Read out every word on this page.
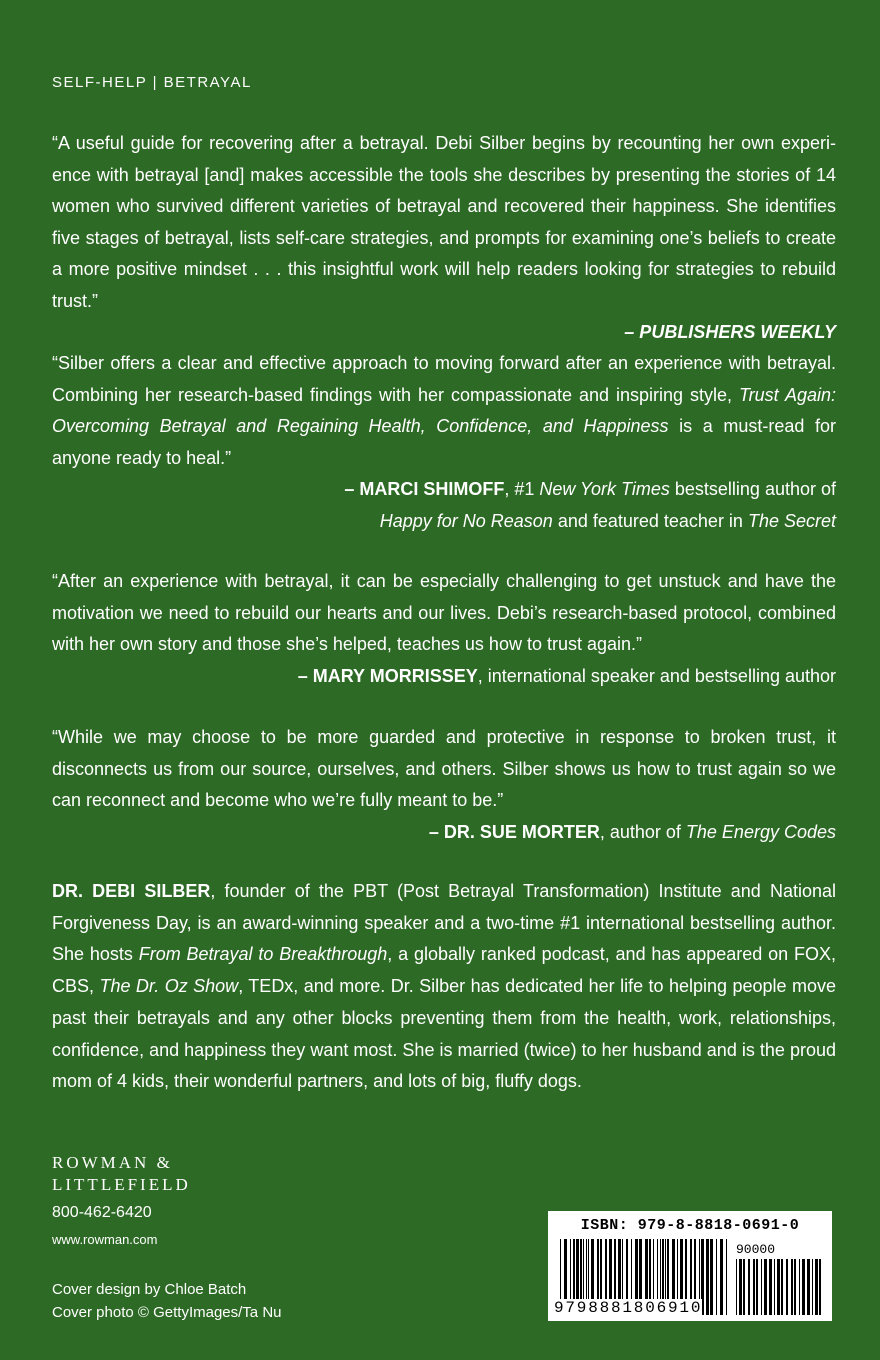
SELF-HELP | BETRAYAL

“A useful guide for recovering after a betrayal. Debi Silber begins by recounting her own experience with betrayal [and] makes accessible the tools she describes by presenting the stories of 14 women who survived different varieties of betrayal and recovered their happiness. She identifies five stages of betrayal, lists self-care strategies, and prompts for examining one’s beliefs to create a more positive mindset . . . this insightful work will help readers looking for strategies to rebuild trust.”

– PUBLISHERS WEEKLY

“Silber offers a clear and effective approach to moving forward after an experience with betrayal. Combining her research-based findings with her compassionate and inspiring style, Trust Again: Overcoming Betrayal and Regaining Health, Confidence, and Happiness is a must-read for anyone ready to heal.”

– MARCI SHIMOFF, #1 New York Times bestselling author of
Happy for No Reason and featured teacher in The Secret

“After an experience with betrayal, it can be especially challenging to get unstuck and have the motivation we need to rebuild our hearts and our lives. Debi’s research-based protocol, combined with her own story and those she’s helped, teaches us how to trust again.”

– MARY MORRISSEY, international speaker and bestselling author

“While we may choose to be more guarded and protective in response to broken trust, it disconnects us from our source, ourselves, and others. Silber shows us how to trust again so we can reconnect and become who we’re fully meant to be.”

– DR. SUE MORTER, author of The Energy Codes

DR. DEBI SILBER, founder of the PBT (Post Betrayal Transformation) Institute and National Forgiveness Day, is an award-winning speaker and a two-time #1 international bestselling author. She hosts From Betrayal to Breakthrough, a globally ranked podcast, and has appeared on FOX, CBS, The Dr. Oz Show, TEDx, and more. Dr. Silber has dedicated her life to helping people move past their betrayals and any other blocks preventing them from the health, work, relationships, confidence, and happiness they want most. She is married (twice) to her husband and is the proud mom of 4 kids, their wonderful partners, and lots of big, fluffy dogs.

ROWMAN &
LITTLEFIELD
800-462-6420
www.rowman.com
Cover design by Chloe Batch
Cover photo © GettyImages/Ta Nu
ISBN: 979-8-8818-0691-0
90000
9798881806910
